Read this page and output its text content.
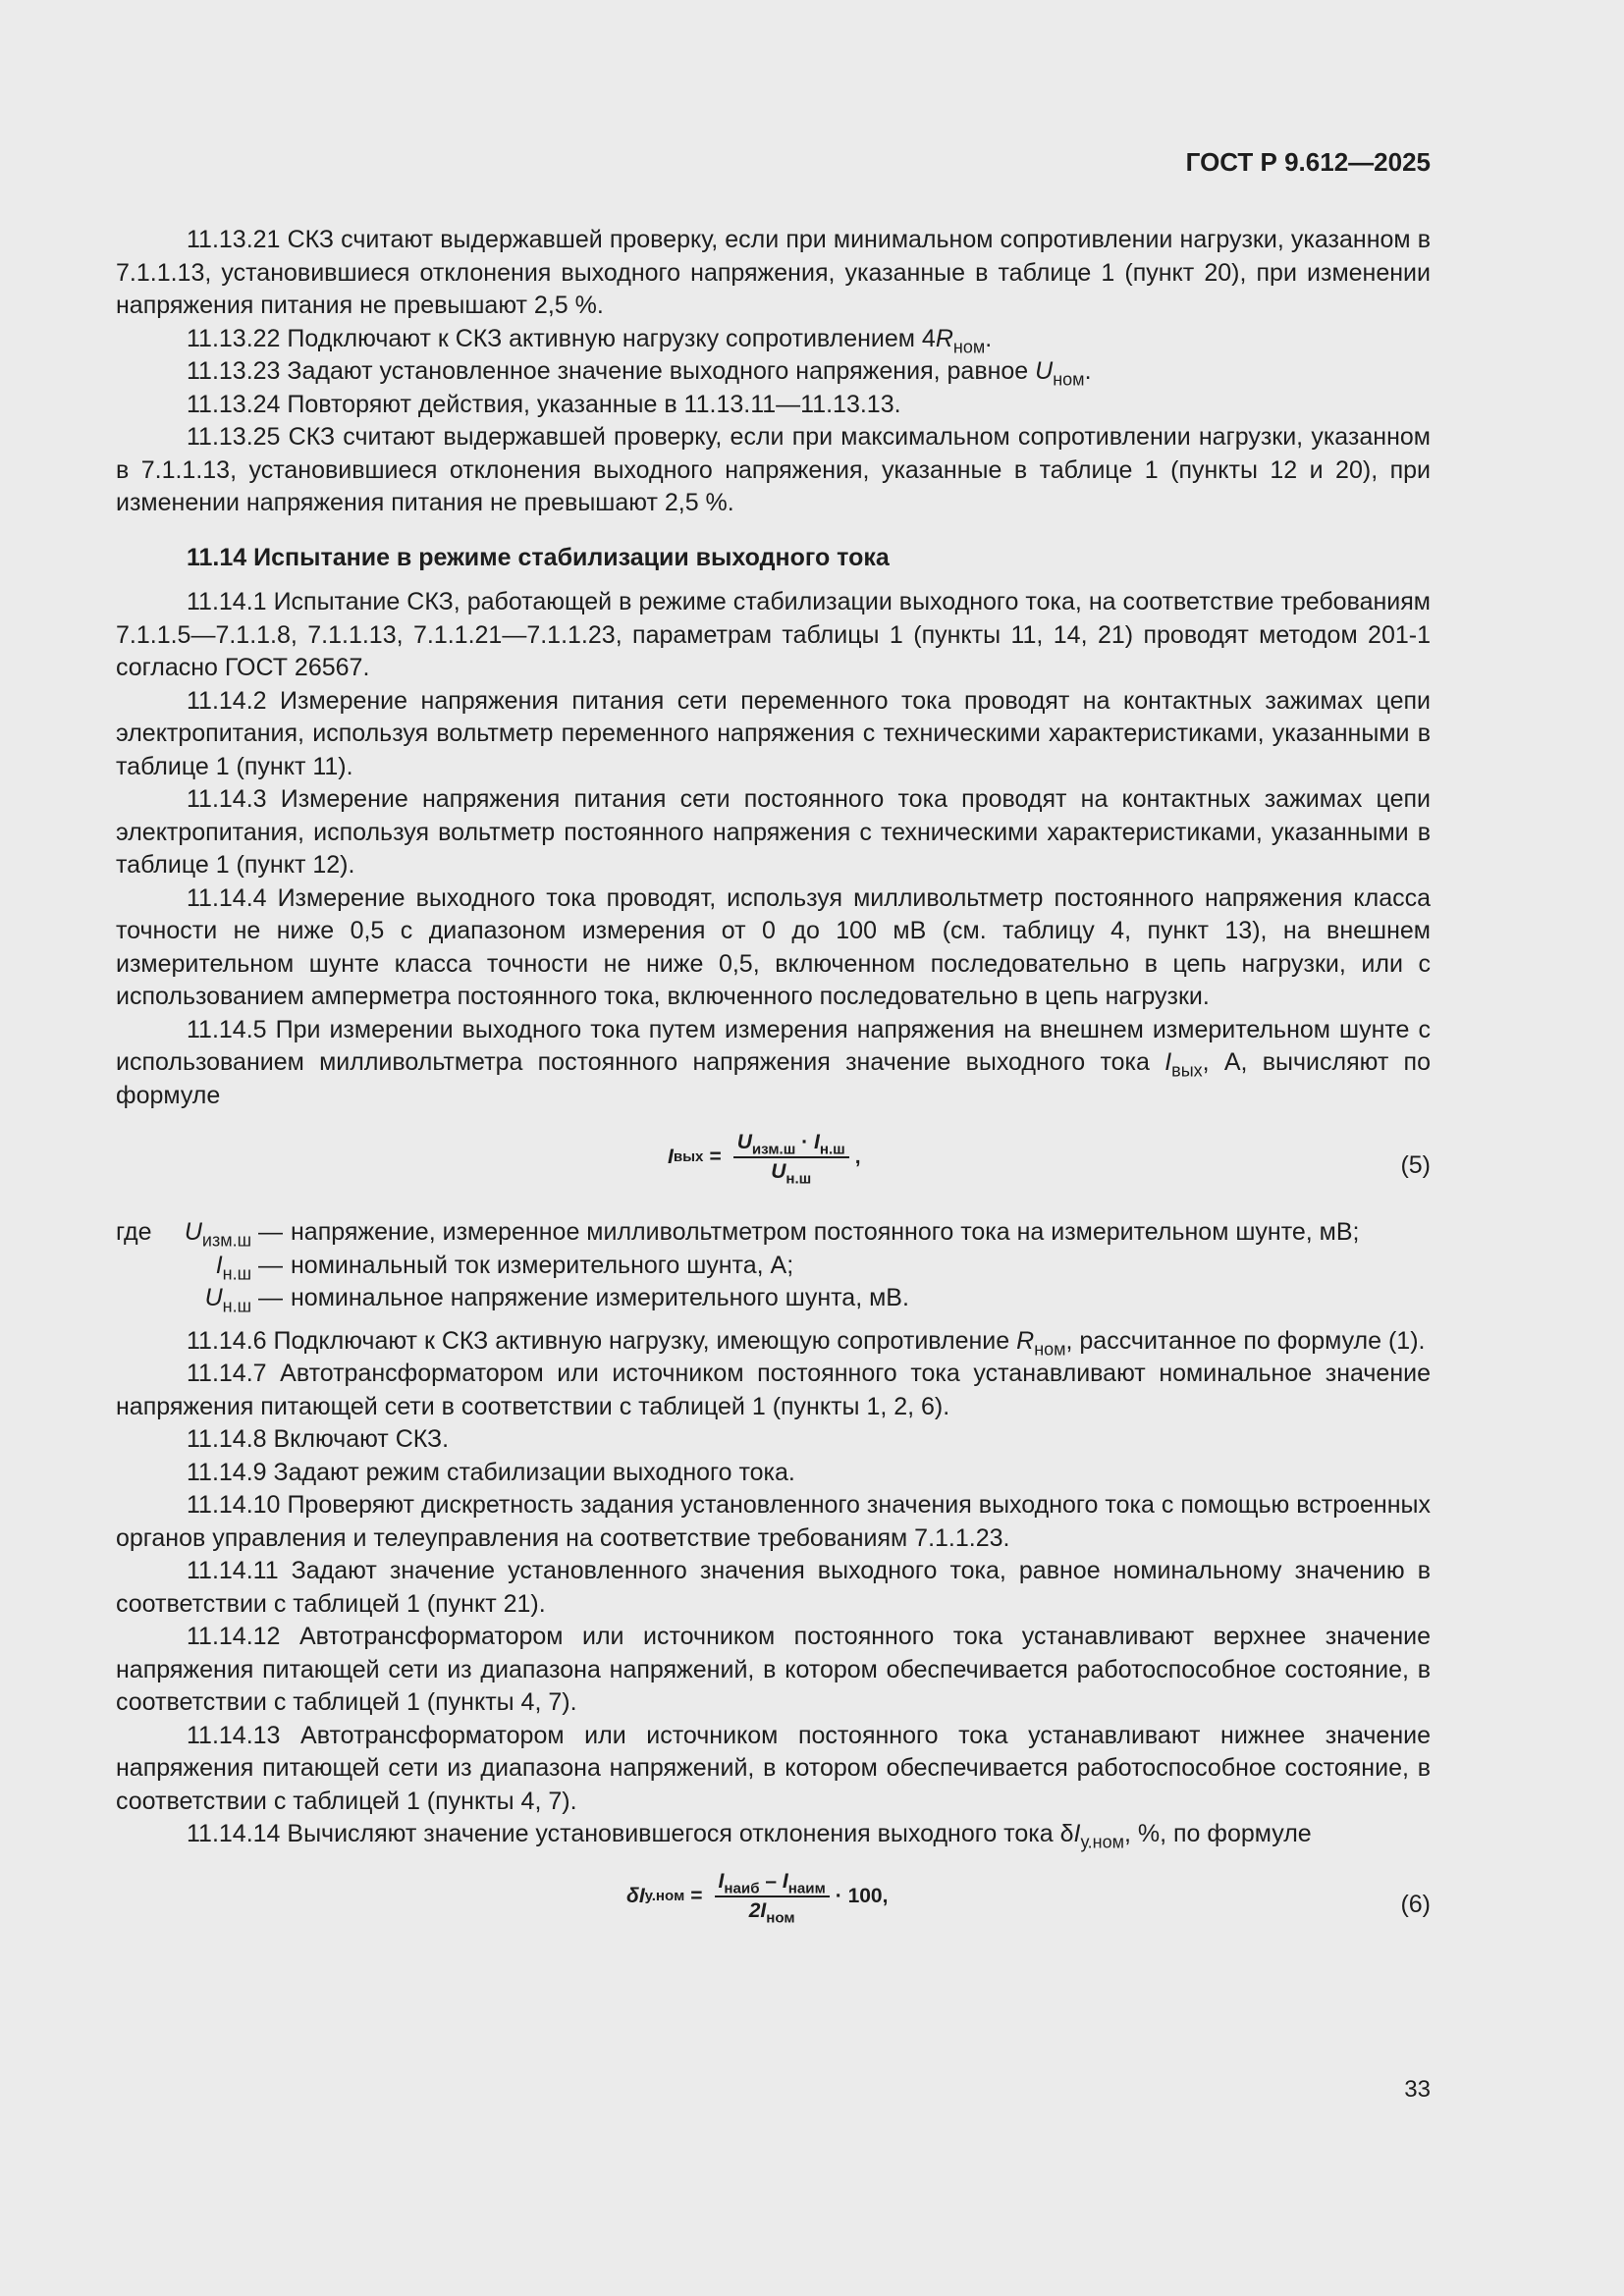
ГОСТ Р 9.612—2025

11.13.21 СКЗ считают выдержавшей проверку, если при минимальном сопротивлении нагрузки, указанном в 7.1.1.13, установившиеся отклонения выходного напряжения, указанные в таблице 1 (пункт 20), при изменении напряжения питания не превышают 2,5 %.

11.13.22 Подключают к СКЗ активную нагрузку сопротивлением $4R_{ном}$.

11.13.23 Задают установленное значение выходного напряжения, равное $U_{ном}$.

11.13.24 Повторяют действия, указанные в 11.13.11—11.13.13.

11.13.25 СКЗ считают выдержавшей проверку, если при максимальном сопротивлении нагрузки, указанном в 7.1.1.13, установившиеся отклонения выходного напряжения, указанные в таблице 1 (пункты 12 и 20), при изменении напряжения питания не превышают 2,5 %.

11.14 Испытание в режиме стабилизации выходного тока

11.14.1 Испытание СКЗ, работающей в режиме стабилизации выходного тока, на соответствие требованиям 7.1.1.5—7.1.1.8, 7.1.1.13, 7.1.1.21—7.1.1.23, параметрам таблицы 1 (пункты 11, 14, 21) проводят методом 201-1 согласно ГОСТ 26567.

11.14.2 Измерение напряжения питания сети переменного тока проводят на контактных зажимах цепи электропитания, используя вольтметр переменного напряжения с техническими характеристиками, указанными в таблице 1 (пункт 11).

11.14.3 Измерение напряжения питания сети постоянного тока проводят на контактных зажимах цепи электропитания, используя вольтметр постоянного напряжения с техническими характеристиками, указанными в таблице 1 (пункт 12).

11.14.4 Измерение выходного тока проводят, используя милливольтметр постоянного напряжения класса точности не ниже 0,5 с диапазоном измерения от 0 до 100 мВ (см. таблицу 4, пункт 13), на внешнем измерительном шунте класса точности не ниже 0,5, включенном последовательно в цепь нагрузки, или с использованием амперметра постоянного тока, включенного последовательно в цепь нагрузки.

11.14.5 При измерении выходного тока путем измерения напряжения на внешнем измерительном шунте с использованием милливольтметра постоянного напряжения значение выходного тока $I_{вых}$, А, вычисляют по формуле

I вых = $\frac{U_{изм.ш} \cdot I_{н.ш}}{U_{н.ш}}$ ,	(5)
где $U_{изм.ш}$ — напряжение, измеренное милливольтметром постоянного тока на измерительном шунте, мВ;
$I_{н.ш}$ — номинальный ток измерительного шунта, А;
$U_{н.ш}$ — номинальное напряжение измерительного шунта, мВ.

11.14.6 Подключают к СКЗ активную нагрузку, имеющую сопротивление $R_{ном}$, рассчитанное по формуле (1).

11.14.7 Автотрансформатором или источником постоянного тока устанавливают номинальное значение напряжения питающей сети в соответствии с таблицей 1 (пункты 1, 2, 6).

11.14.8 Включают СКЗ.

11.14.9 Задают режим стабилизации выходного тока.

11.14.10 Проверяют дискретность задания установленного значения выходного тока с помощью встроенных органов управления и телеуправления на соответствие требованиям 7.1.1.23.

11.14.11 Задают значение установленного значения выходного тока, равное номинальному значению в соответствии с таблицей 1 (пункт 21).

11.14.12 Автотрансформатором или источником постоянного тока устанавливают верхнее значение напряжения питающей сети из диапазона напряжений, в котором обеспечивается работоспособное состояние, в соответствии с таблицей 1 (пункты 4, 7).

11.14.13 Автотрансформатором или источником постоянного тока устанавливают нижнее значение напряжения питающей сети из диапазона напряжений, в котором обеспечивается работоспособное состояние, в соответствии с таблицей 1 (пункты 4, 7).

11.14.14 Вычисляют значение установившегося отклонения выходного тока $\delta I_{у.ном}$, %, по формуле

δI $у.ном = \frac{I_{наиб} - I_{наим}}{2I_{ном}} \cdot 100$,	(6)
33
